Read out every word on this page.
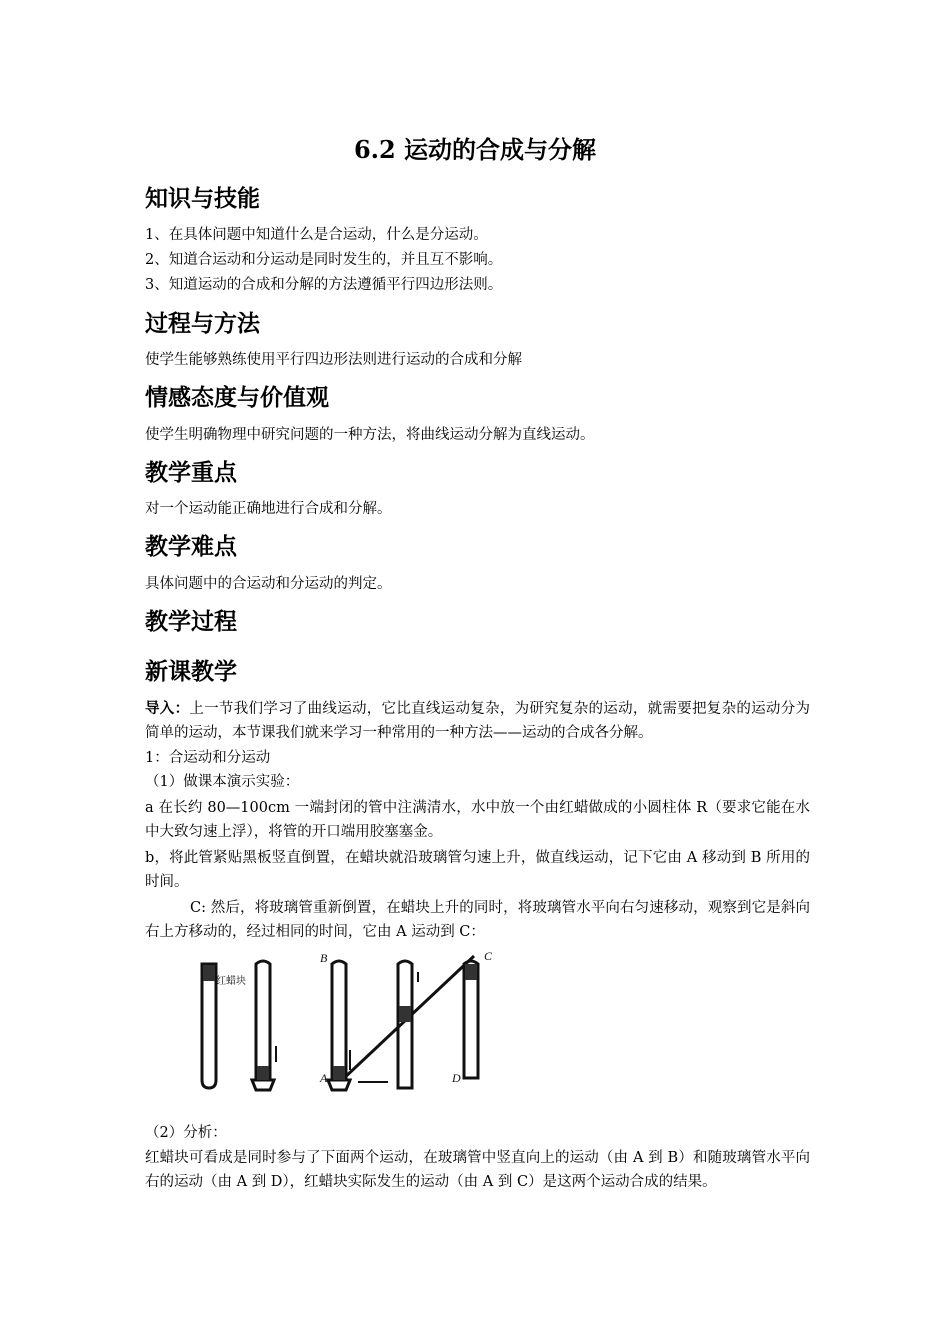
6.2 运动的合成与分解
知识与技能
1、在具体问题中知道什么是合运动，什么是分运动。
2、知道合运动和分运动是同时发生的，并且互不影响。
3、知道运动的合成和分解的方法遵循平行四边形法则。
过程与方法
使学生能够熟练使用平行四边形法则进行运动的合成和分解
情感态度与价值观
使学生明确物理中研究问题的一种方法，将曲线运动分解为直线运动。
教学重点
对一个运动能正确地进行合成和分解。
教学难点
具体问题中的合运动和分运动的判定。
教学过程
新课教学
导入：上一节我们学习了曲线运动，它比直线运动复杂，为研究复杂的运动，就需要把复杂的运动分为简单的运动，本节课我们就来学习一种常用的一种方法——运动的合成各分解。
1：合运动和分运动
（1）做课本演示实验：
a 在长约 80—100cm 一端封闭的管中注满清水，水中放一个由红蜡做成的小圆柱体 R（要求它能在水中大致匀速上浮），将管的开口端用胶塞塞金。
b，将此管紧贴黑板竖直倒置，在蜡块就沿玻璃管匀速上升，做直线运动，记下它由 A 移动到 B 所用的时间。
C: 然后，将玻璃管重新倒置，在蜡块上升的同时，将玻璃管水平向右匀速移动，观察到它是斜向右上方移动的，经过相同的时间，它由 A 运动到 C：
红蜡块
B
A
C
D
（2）分析：
红蜡块可看成是同时参与了下面两个运动，在玻璃管中竖直向上的运动（由 A 到 B）和随玻璃管水平向右的运动（由 A 到 D），红蜡块实际发生的运动（由 A 到 C）是这两个运动合成的结果。
